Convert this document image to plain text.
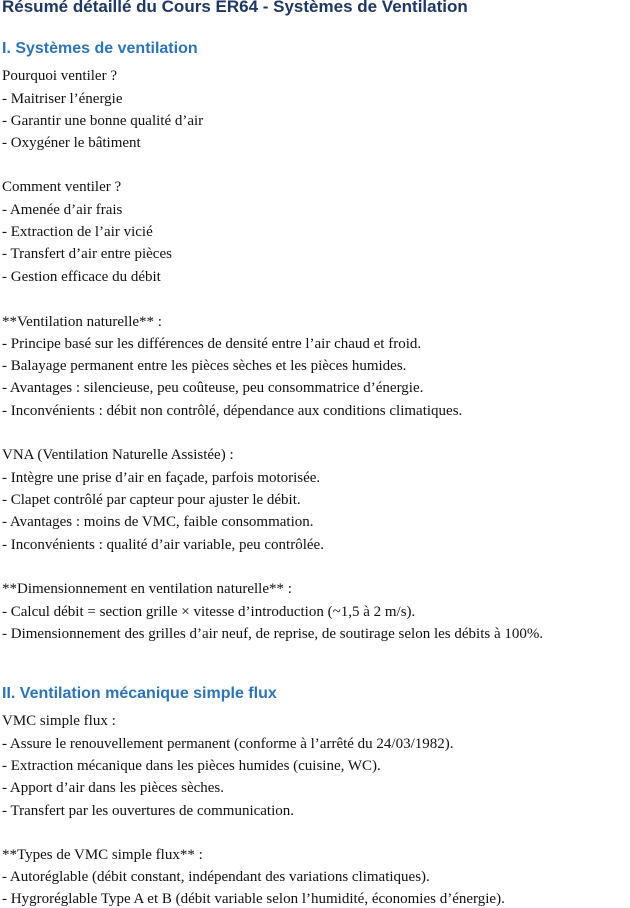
Résumé détaillé du Cours ER64 - Systèmes de Ventilation
I. Systèmes de ventilation
Pourquoi ventiler ?
- Maitriser l’énergie
- Garantir une bonne qualité d’air
- Oxygéner le bâtiment
Comment ventiler ?
- Amenée d’air frais
- Extraction de l’air vicié
- Transfert d’air entre pièces
- Gestion efficace du débit
**Ventilation naturelle** :
- Principe basé sur les différences de densité entre l’air chaud et froid.
- Balayage permanent entre les pièces sèches et les pièces humides.
- Avantages : silencieuse, peu coûteuse, peu consommatrice d’énergie.
- Inconvénients : débit non contrôlé, dépendance aux conditions climatiques.
VNA (Ventilation Naturelle Assistée) :
- Intègre une prise d’air en façade, parfois motorisée.
- Clapet contrôlé par capteur pour ajuster le débit.
- Avantages : moins de VMC, faible consommation.
- Inconvénients : qualité d’air variable, peu contrôlée.
**Dimensionnement en ventilation naturelle** :
- Calcul débit = section grille × vitesse d’introduction (~1,5 à 2 m/s).
- Dimensionnement des grilles d’air neuf, de reprise, de soutirage selon les débits à 100%.
II. Ventilation mécanique simple flux
VMC simple flux :
- Assure le renouvellement permanent (conforme à l’arrêté du 24/03/1982).
- Extraction mécanique dans les pièces humides (cuisine, WC).
- Apport d’air dans les pièces sèches.
- Transfert par les ouvertures de communication.
**Types de VMC simple flux** :
- Autoréglable (débit constant, indépendant des variations climatiques).
- Hygroréglable Type A et B (débit variable selon l’humidité, économies d’énergie).
